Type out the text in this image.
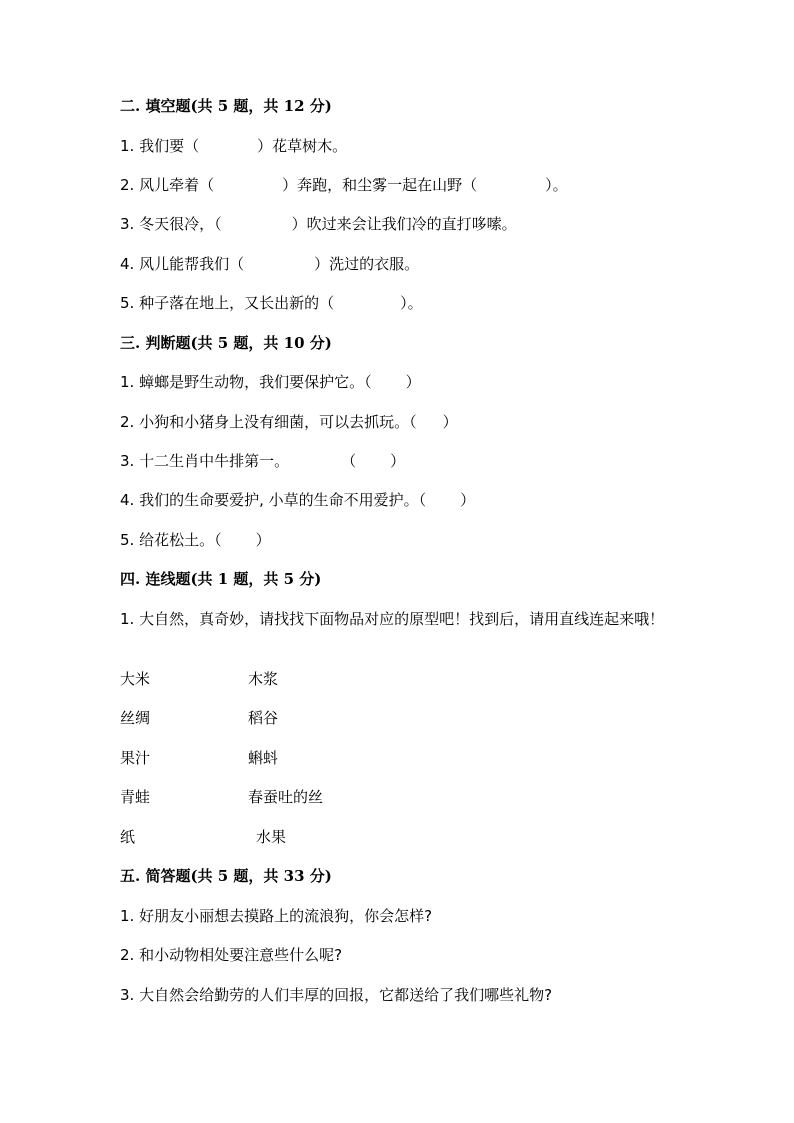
二. 填空题(共 5 题，共 12 分)
1. 我们要（	）花草树木。
2. 风儿牵着（	）奔跑，和尘雾一起在山野（	）。
3. 冬天很冷，（	）吹过来会让我们冷的直打哆嗦。
4. 风儿能帮我们（	）洗过的衣服。
5. 种子落在地上，又长出新的（	）。
三. 判断题(共 5 题，共 10 分)
1. 蟑螂是野生动物，我们要保护它。（ ）
2. 小狗和小猪身上没有细菌，可以去抓玩。（ ）
3. 十二生肖中牛排第一。	（ ）
4. 我们的生命要爱护, 小草的生命不用爱护。（ ）
5. 给花松土。（ ）
四. 连线题(共 1 题，共 5 分)
1. 大自然，真奇妙，请找找下面物品对应的原型吧！找到后，请用直线连起来哦！
大米	木浆
丝绸	稻谷
果汁	蝌蚪
青蛙	春蚕吐的丝
纸	水果
五. 简答题(共 5 题，共 33 分)
1. 好朋友小丽想去摸路上的流浪狗，你会怎样?
2. 和小动物相处要注意些什么呢?
3. 大自然会给勤劳的人们丰厚的回报，它都送给了我们哪些礼物?
